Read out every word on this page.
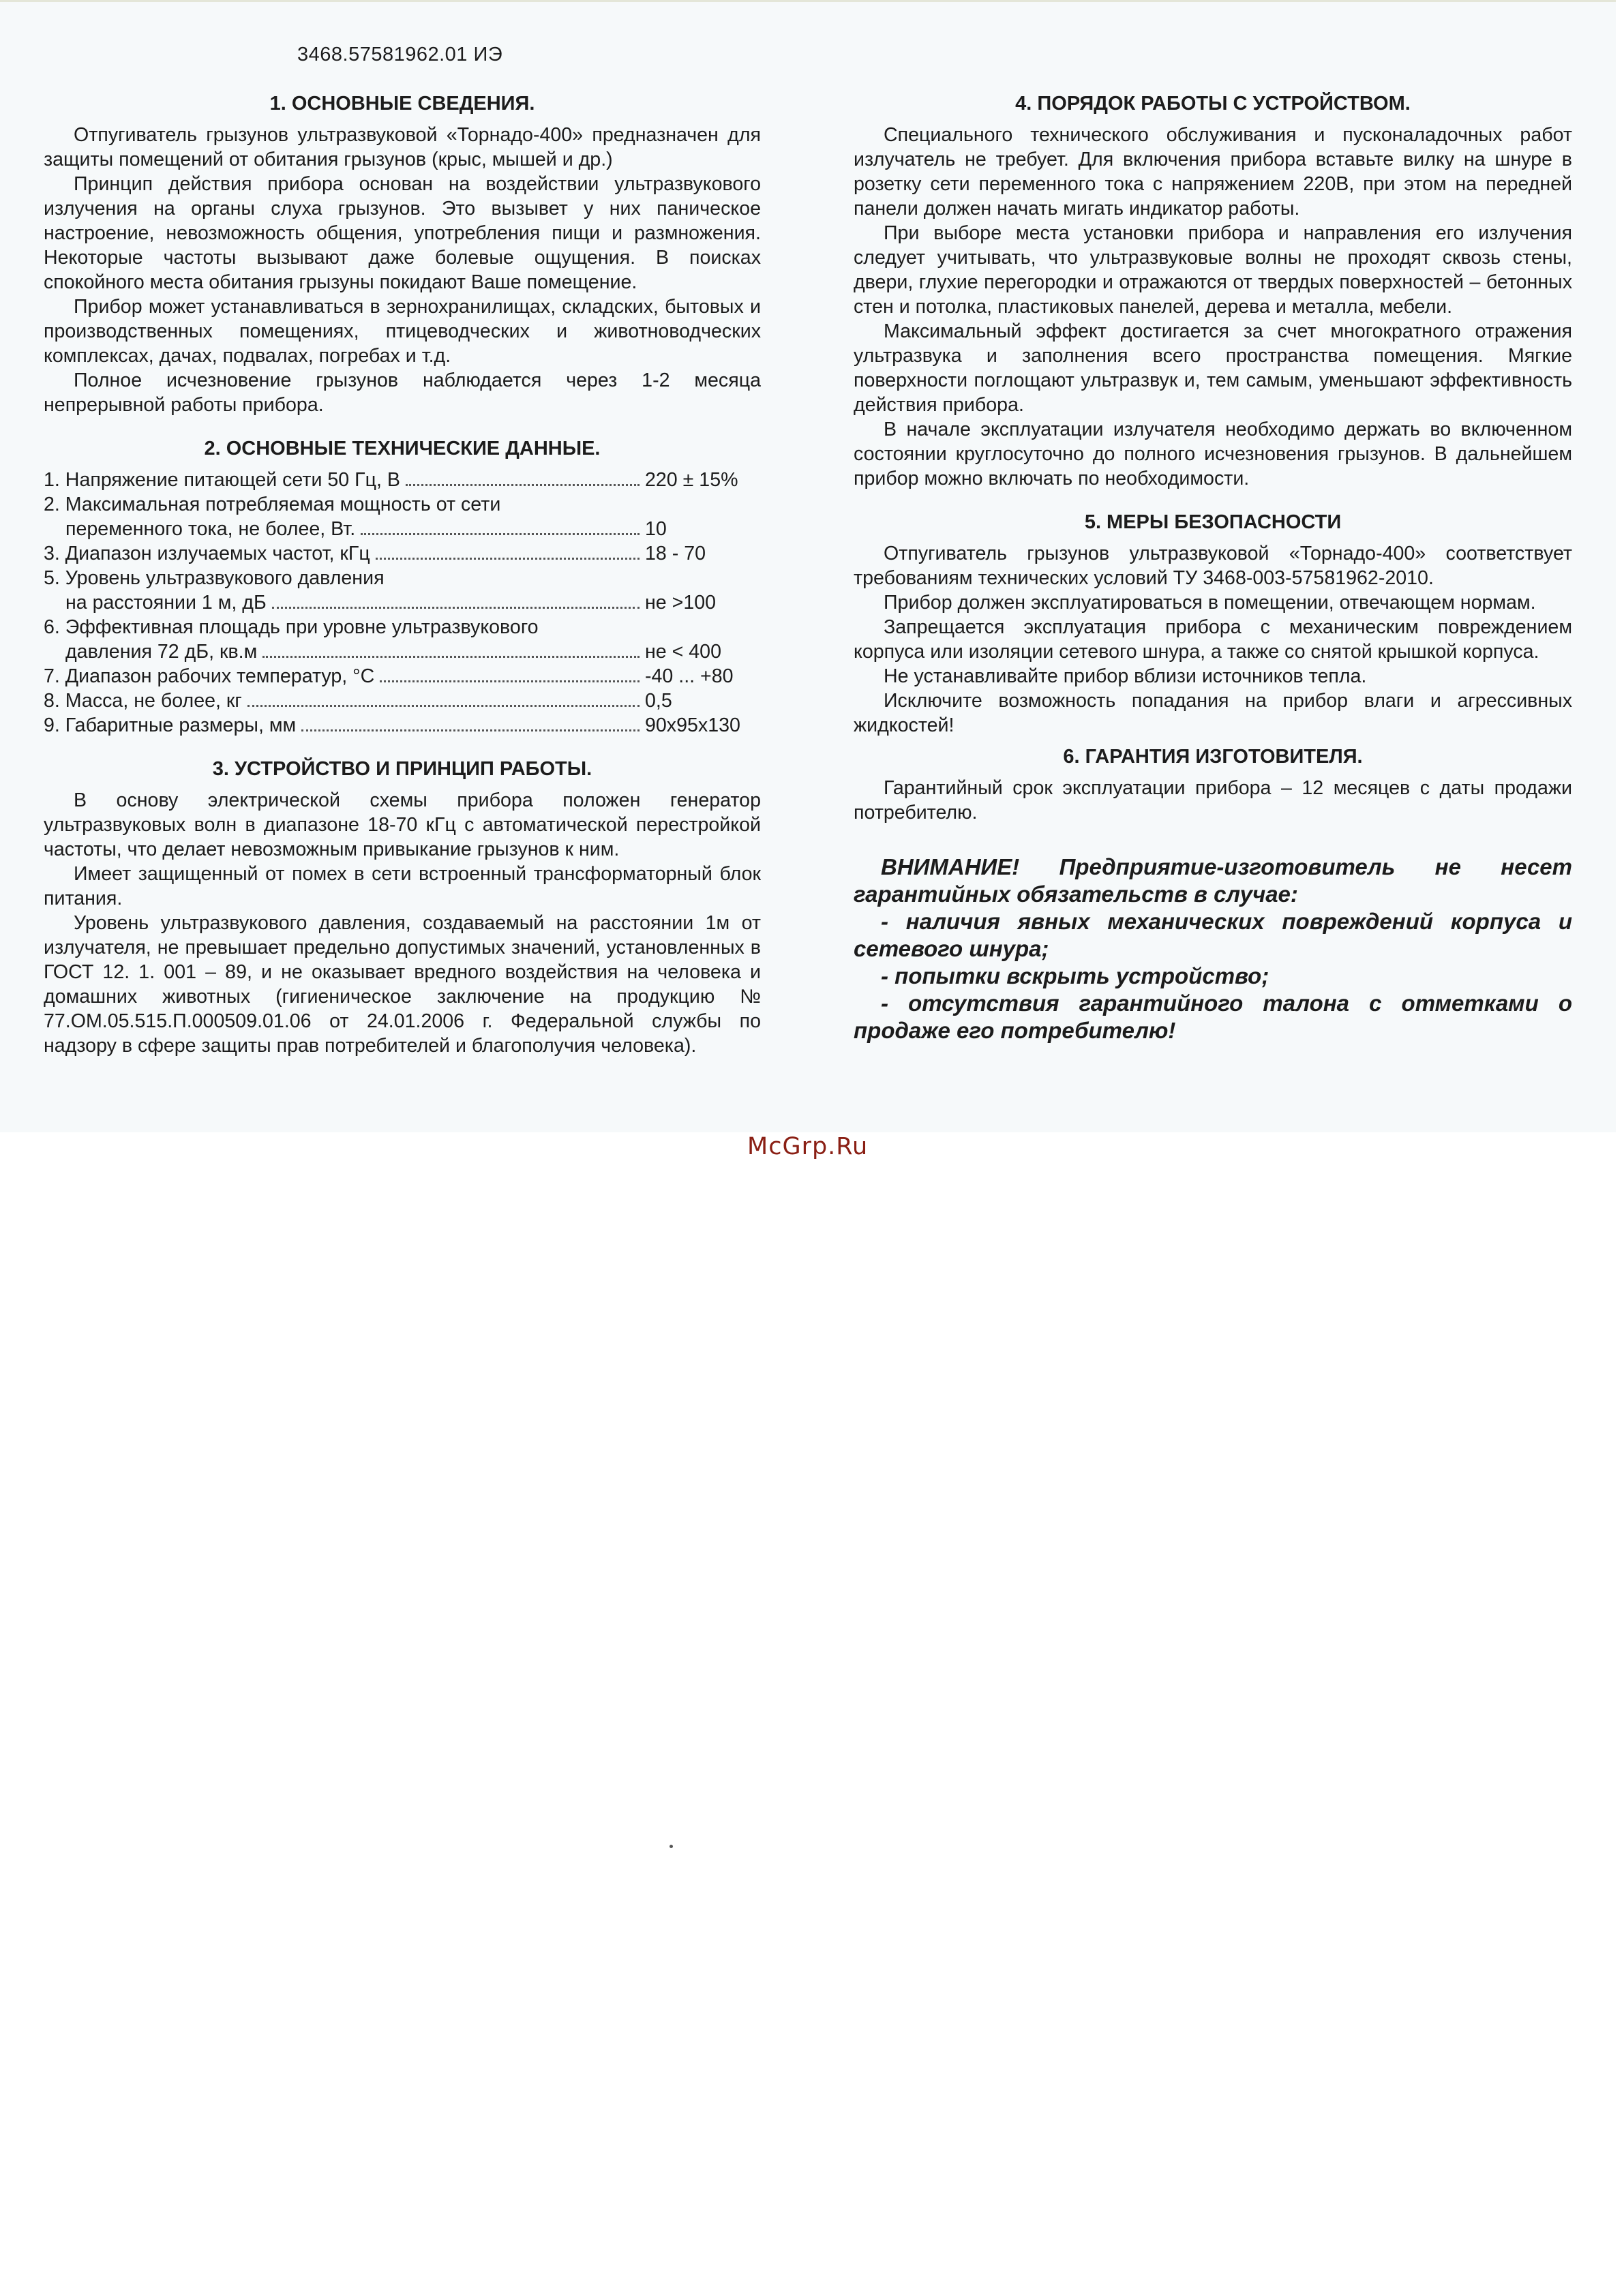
3468.57581962.01 ИЭ
1. ОСНОВНЫЕ СВЕДЕНИЯ.

Отпугиватель грызунов ультразвуковой «Торнадо-400» предназначен для защиты помещений от обитания грызунов (крыс, мышей и др.)

Принцип действия прибора основан на воздействии ультразвукового излучения на органы слуха грызунов. Это вызывет у них паническое настроение, невозможность общения, употребления пищи и размножения. Некоторые частоты вызывают даже болевые ощущения. В поисках спокойного места обитания грызуны покидают Ваше помещение.

Прибор может устанавливаться в зернохранилищах, складских, бытовых и производственных помещениях, птицеводческих и животноводческих комплексах, дачах, подвалах, погребах и т.д.

Полное исчезновение грызунов наблюдается через 1-2 месяца непрерывной работы прибора.

2. ОСНОВНЫЕ ТЕХНИЧЕСКИЕ ДАННЫЕ.
1. Напряжение питающей сети 50 Гц, В	220 ± 15%
2. Максимальная потребляемая мощность от сети
переменного тока, не более, Вт.	10
3. Диапазон излучаемых частот, кГц	18 - 70
5. Уровень ультразвукового давления
на расстоянии 1 м, дБ	не >100
6. Эффективная площадь при уровне ультразвукового
давления 72 дБ, кв.м	не < 400
7. Диапазон рабочих температур, °С	-40 ... +80
8. Масса, не более, кг	0,5
9. Габаритные размеры, мм	90x95x130
3. УСТРОЙСТВО И ПРИНЦИП РАБОТЫ.

В основу электрической схемы прибора положен генератор ультразвуковых волн в диапазоне 18-70 кГц с автоматической перестройкой частоты, что делает невозможным привыкание грызунов к ним.

Имеет защищенный от помех в сети встроенный трансформаторный блок питания.

Уровень ультразвукового давления, создаваемый на расстоянии 1м от излучателя, не превышает предельно допустимых значений, установленных в ГОСТ 12. 1. 001 – 89, и не оказывает вредного воздействия на человека и домашних животных (гигиеническое заключение на продукцию № 77.ОМ.05.515.П.000509.01.06 от 24.01.2006 г. Федеральной службы по надзору в сфере защиты прав потребителей и благополучия человека).

4. ПОРЯДОК РАБОТЫ С УСТРОЙСТВОМ.

Специального технического обслуживания и пусконаладочных работ излучатель не требует. Для включения прибора вставьте вилку на шнуре в розетку сети переменного тока с напряжением 220В, при этом на передней панели должен начать мигать индикатор работы.

При выборе места установки прибора и направления его излучения следует учитывать, что ультразвуковые волны не проходят сквозь стены, двери, глухие перегородки и отражаются от твердых поверхностей – бетонных стен и потолка, пластиковых панелей, дерева и металла, мебели.

Максимальный эффект достигается за счет многократного отражения ультразвука и заполнения всего пространства помещения. Мягкие поверхности поглощают ультразвук и, тем самым, уменьшают эффективность действия прибора.

В начале эксплуатации излучателя необходимо держать во включенном состоянии круглосуточно до полного исчезновения грызунов. В дальнейшем прибор можно включать по необходимости.

5. МЕРЫ БЕЗОПАСНОСТИ

Отпугиватель грызунов ультразвуковой «Торнадо-400» соответствует требованиям технических условий ТУ 3468-003-57581962-2010.

Прибор должен эксплуатироваться в помещении, отвечающем нормам.

Запрещается эксплуатация прибора с механическим повреждением корпуса или изоляции сетевого шнура, а также со снятой крышкой корпуса.

Не устанавливайте прибор вблизи источников тепла.

Исключите возможность попадания на прибор влаги и агрессивных жидкостей!

6. ГАРАНТИЯ ИЗГОТОВИТЕЛЯ.

Гарантийный срок эксплуатации прибора – 12 месяцев с даты продажи потребителю.

ВНИМАНИЕ! Предприятие-изготовитель не несет гарантийных обязательств в случае:
- наличия явных механических повреждений корпуса и сетевого шнура;
- попытки вскрыть устройство;
- отсутствия гарантийного талона с отметками о продаже его потребителю!
McGrp.Ru
